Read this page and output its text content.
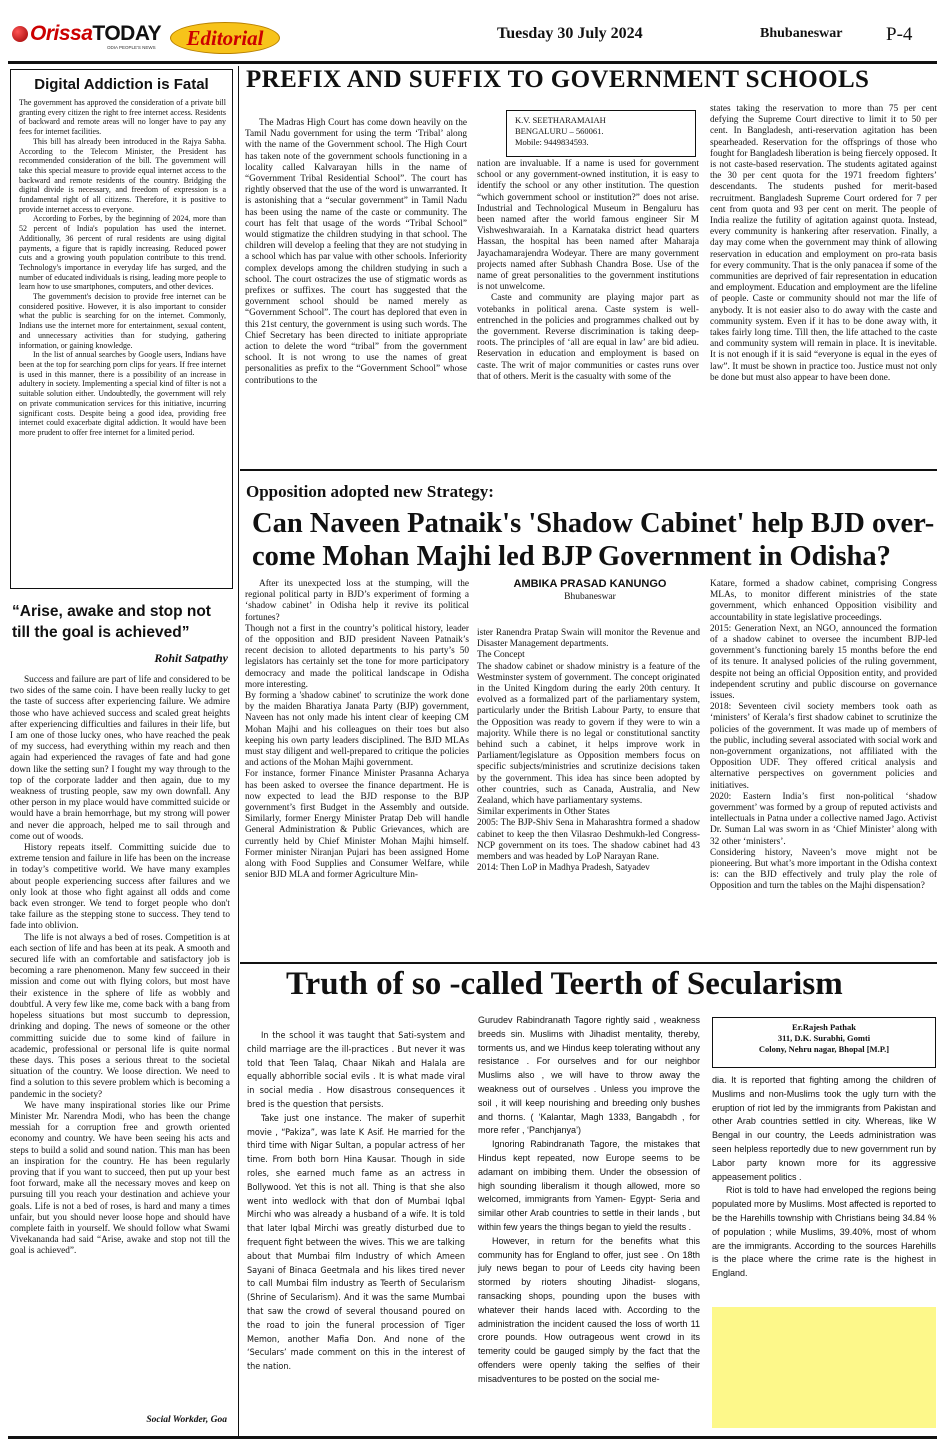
OrissaTODAY
ODIA PEOPLE'S NEWS Editorial	Tuesday 30 July 2024	Bhubaneswar P-4
Digital Addiction is Fatal

The government has approved the consideration of a private bill granting every citizen the right to free internet access. Residents of backward and remote areas will no longer have to pay any fees for internet facilities.

This bill has already been introduced in the Rajya Sabha. According to the Telecom Minister, the President has recommended consideration of the bill. The government will take this special measure to provide equal internet access to the backward and remote residents of the country. Bridging the digital divide is necessary, and freedom of expression is a fundamental right of all citizens. Therefore, it is positive to provide internet access to everyone.

According to Forbes, by the beginning of 2024, more than 52 percent of India's population has used the internet. Additionally, 36 percent of rural residents are using digital payments, a figure that is rapidly increasing. Reduced power cuts and a growing youth population contribute to this trend. Technology's importance in everyday life has surged, and the number of educated individuals is rising, leading more people to learn how to use smartphones, computers, and other devices.

The government's decision to provide free internet can be considered positive. However, it is also important to consider what the public is searching for on the internet. Commonly, Indians use the internet more for entertainment, sexual content, and unnecessary activities than for studying, gathering information, or gaining knowledge.

In the list of annual searches by Google users, Indians have been at the top for searching porn clips for years. If free internet is used in this manner, there is a possibility of an increase in adultery in society. Implementing a special kind of filter is not a suitable solution either. Undoubtedly, the government will rely on private communication services for this initiative, incurring significant costs. Despite being a good idea, providing free internet could exacerbate digital addiction. It would have been more prudent to offer free internet for a limited period.

“Arise, awake and stop not till the goal is achieved”
Rohit Satpathy

Success and failure are part of life and considered to be two sides of the same coin. I have been really lucky to get the taste of success after experiencing failure. We admire those who have achieved success and scaled great heights after experiencing difficulties and failures in their life, but I am one of those lucky ones, who have reached the peak of my success, had everything within my reach and then again had experienced the ravages of fate and had gone down like the setting sun? I fought my way through to the top of the corporate ladder and then again, due to my weakness of trusting people, saw my own downfall. Any other person in my place would have committed suicide or would have a brain hemorrhage, but my strong will power and never die approach, helped me to sail through and come out of woods.

History repeats itself. Committing suicide due to extreme tension and failure in life has been on the increase in today’s competitive world. We have many examples about people experiencing success after failures and we only look at those who fight against all odds and come back even stronger. We tend to forget people who don't take failure as the stepping stone to success. They tend to fade into oblivion.

The life is not always a bed of roses. Competition is at each section of life and has been at its peak. A smooth and secured life with an comfortable and satisfactory job is becoming a rare phenomenon. Many few succeed in their mission and come out with flying colors, but most have their existence in the sphere of life as wobbly and doubtful. A very few like me, come back with a bang from hopeless situations but most succumb to depression, drinking and doping. The news of someone or the other committing suicide due to some kind of failure in academic, professional or personal life is quite normal these days. This poses a serious threat to the societal situation of the country. We loose direction. We need to find a solution to this severe problem which is becoming a pandemic in the society?

We have many inspirational stories like our Prime Minister Mr. Narendra Modi, who has been the change messiah for a corruption free and growth oriented economy and country. We have been seeing his acts and steps to build a solid and sound nation. This man has been an inspiration for the country. He has been regularly proving that if you want to succeed, then put up your best foot forward, make all the necessary moves and keep on pursuing till you reach your destination and achieve your goals. Life is not a bed of roses, is hard and many a times unfair, but you should never loose hope and should have complete faith in yourself. We should follow what Swami Vivekananda had said “Arise, awake and stop not till the goal is achieved”.

Social Workder, Goa
PREFIX AND SUFFIX TO GOVERNMENT SCHOOLS
K.V. SEETHARAMAIAH
BENGALURU – 560061.
Mobile: 9449834593.

The Madras High Court has come down heavily on the Tamil Nadu government for using the term ‘Tribal’ along with the name of the Government school. The High Court has taken note of the government schools functioning in a locality called Kalvarayan hills in the name of “Government Tribal Residential School”. The court has rightly observed that the use of the word is unwarranted. It is astonishing that a “secular government” in Tamil Nadu has been using the name of the caste or community. The court has felt that usage of the words “Tribal School” would stigmatize the children studying in that school. The children will develop a feeling that they are not studying in a school which has par value with other schools. Inferiority complex develops among the children studying in such a school. The court ostracizes the use of stigmatic words as prefixes or suffixes. The court has suggested that the government school should be named merely as “Government School”. The court has deplored that even in this 21st century, the government is using such words. The Chief Secretary has been directed to initiate appropriate action to delete the word “tribal” from the government school. It is not wrong to use the names of great personalities as prefix to the “Government School” whose contributions to the

nation are invaluable. If a name is used for government school or any government-owned institution, it is easy to identify the school or any other institution. The question “which government school or institution?” does not arise. Industrial and Technological Museum in Bengaluru has been named after the world famous engineer Sir M Vishweshwaraiah. In a Karnataka district head quarters Hassan, the hospital has been named after Maharaja Jayachamarajendra Wodeyar. There are many government projects named after Subhash Chandra Bose. Use of the name of great personalities to the government institutions is not unwelcome.

Caste and community are playing major part as votebanks in political arena. Caste system is well-entrenched in the policies and programmes chalked out by the government. Reverse discrimination is taking deep-roots. The principles of ‘all are equal in law’ are bid adieu. Reservation in education and employment is based on caste. The writ of major communities or castes runs over that of others. Merit is the casualty with some of the

states taking the reservation to more than 75 per cent defying the Supreme Court directive to limit it to 50 per cent. In Bangladesh, anti-reservation agitation has been spearheaded. Reservation for the offsprings of those who fought for Bangladesh liberation is being fiercely opposed. It is not caste-based reservation. The students agitated against the 30 per cent quota for the 1971 freedom fighters’ descendants. The students pushed for merit-based recruitment. Bangladesh Supreme Court ordered for 7 per cent from quota and 93 per cent on merit. The people of India realize the futility of agitation against quota. Instead, every community is hankering after reservation. Finally, a day may come when the government may think of allowing reservation in education and employment on pro-rata basis for every community. That is the only panacea if some of the communities are deprived of fair representation in education and employment. Education and employment are the lifeline of people. Caste or community should not mar the life of anybody. It is not easier also to do away with the caste and community system. Even if it has to be done away with, it takes fairly long time. Till then, the life attached to the caste and community system will remain in place. It is inevitable. It is not enough if it is said “everyone is equal in the eyes of law”. It must be shown in practice too. Justice must not only be done but must also appear to have been done.

Opposition adopted new Strategy:
Can Naveen Patnaik's 'Shadow Cabinet' help BJD over-
come Mohan Majhi led BJP Government in Odisha?
AMBIKA PRASAD KANUNGO
Bhubaneswar

After its unexpected loss at the stumping, will the regional political party in BJD’s experiment of forming a ‘shadow cabinet’ in Odisha help it revive its political fortunes?

Though not a first in the country’s political history, leader of the opposition and BJD president Naveen Patnaik’s recent decision to alloted departments to his party’s 50 legislators has certainly set the tone for more participatory democracy and made the political landscape in Odisha more interesting.

By forming a 'shadow cabinet' to scrutinize the work done by the maiden Bharatiya Janata Party (BJP) government, Naveen has not only made his intent clear of keeping CM Mohan Majhi and his colleagues on their toes but also keeping his own party leaders disciplined. The BJD MLAs must stay diligent and well-prepared to critique the policies and actions of the Mohan Majhi government.

For instance, former Finance Minister Prasanna Acharya has been asked to oversee the finance department. He is now expected to lead the BJD response to the BJP government’s first Budget in the Assembly and outside. Similarly, former Energy Minister Pratap Deb will handle General Administration & Public Grievances, which are currently held by Chief Minister Mohan Majhi himself. Former minister Niranjan Pujari has been assigned Home along with Food Supplies and Consumer Welfare, while senior BJD MLA and former Agriculture Min-

ister Ranendra Pratap Swain will monitor the Revenue and Disaster Management departments.

The Concept

The shadow cabinet or shadow ministry is a feature of the Westminster system of government. The concept originated in the United Kingdom during the early 20th century. It evolved as a formalized part of the parliamentary system, particularly under the British Labour Party, to ensure that the Opposition was ready to govern if they were to win a majority. While there is no legal or constitutional sanctity behind such a cabinet, it helps improve work in Parliament/legislature as Opposition members focus on specific subjects/ministries and scrutinize decisions taken by the government. This idea has since been adopted by other countries, such as Canada, Australia, and New Zealand, which have parliamentary systems.

Similar experiments in Other States

2005: The BJP-Shiv Sena in Maharashtra formed a shadow cabinet to keep the then Vilasrao Deshmukh-led Congress-NCP government on its toes. The shadow cabinet had 43 members and was headed by LoP Narayan Rane.

2014: Then LoP in Madhya Pradesh, Satyadev

Katare, formed a shadow cabinet, comprising Congress MLAs, to monitor different ministries of the state government, which enhanced Opposition visibility and accountability in state legislative proceedings.

2015: Generation Next, an NGO, announced the formation of a shadow cabinet to oversee the incumbent BJP-led government’s functioning barely 15 months before the end of its tenure. It analysed policies of the ruling government, despite not being an official Opposition entity, and provided independent scrutiny and public discourse on governance issues.

2018: Seventeen civil society members took oath as ‘ministers’ of Kerala’s first shadow cabinet to scrutinize the policies of the government. It was made up of members of the public, including several associated with social work and non-government organizations, not affiliated with the Opposition UDF. They offered critical analysis and alternative perspectives on government policies and initiatives.

2020: Eastern India’s first non-political ‘shadow government’ was formed by a group of reputed activists and intellectuals in Patna under a collective named Jago. Activist Dr. Suman Lal was sworn in as ‘Chief Minister’ along with 32 other ‘ministers’.

Considering history, Naveen’s move might not be pioneering. But what’s more important in the Odisha context is: can the BJD effectively and truly play the role of Opposition and turn the tables on the Majhi dispensation?

Truth of so -called Teerth of Secularism
Er.Rajesh Pathak
311, D.K. Surabhi, Gomti
Colony, Nehru nagar, Bhopal [M.P.]

In the school it was taught that Sati-system and child marriage are the ill-practices . But never it was told that Teen Talaq, Chaar Nikah and Halala are equally abhorrible social evils . It is what made viral in social media . How disastrous consequences it bred is the question that persists.

Take just one instance. The maker of superhit movie , “Pakiza”, was late K Asif. He married for the third time with Nigar Sultan, a popular actress of her time. From both born Hina Kausar. Though in side roles, she earned much fame as an actress in Bollywood. Yet this is not all. Thing is that she also went into wedlock with that don of Mumbai Iqbal Mirchi who was already a husband of a wife. It is told that later Iqbal Mirchi was greatly disturbed due to frequent fight between the wives. This we are talking about that Mumbai film Industry of which Ameen Sayani of Binaca Geetmala and his likes tired never to call Mumbai film industry as Teerth of Secularism (Shrine of Secularism). And it was the same Mumbai that saw the crowd of several thousand poured on the road to join the funeral procession of Tiger Memon, another Mafia Don. And none of the ‘Seculars’ made comment on this in the interest of the nation.

Gurudev Rabindranath Tagore rightly said , weakness breeds sin. Muslims with Jihadist mentality, thereby, torments us, and we Hindus keep tolerating without any resistance . For ourselves and for our neighbor Muslims also , we will have to throw away the weakness out of ourselves . Unless you improve the soil , it will keep nourishing and breeding only bushes and thorns. ( ‘Kalantar, Magh 1333, Bangabdh , for more refer , ‘Panchjanya’)

Ignoring Rabindranath Tagore, the mistakes that Hindus kept repeated, now Europe seems to be adamant on imbibing them. Under the obsession of high sounding liberalism it though allowed, more so welcomed, immigrants from Yamen- Egypt- Seria and similar other Arab countries to settle in their lands , but within few years the things began to yield the results .

However, in return for the benefits what this community has for England to offer, just see . On 18th july news began to pour of Leeds city having been stormed by rioters shouting Jihadist- slogans, ransacking shops, pounding upon the buses with whatever their hands laced with. According to the administration the incident caused the loss of worth 11 crore pounds. How outrageous went crowd in its temerity could be gauged simply by the fact that the offenders were openly taking the selfies of their misadventures to be posted on the social me-

dia. It is reported that fighting among the children of Muslims and non-Muslims took the ugly turn with the eruption of riot led by the immigrants from Pakistan and other Arab countries settled in city. Whereas, like W Bengal in our country, the Leeds administration was seen helpless reportedly due to new government run by Labor party known more for its aggressive appeasement politics .

Riot is told to have had enveloped the regions being populated more by Muslims. Most affected is reported to be the Harehills township with Christians being 34.84 % of population ; while Muslims, 39.40%, most of whom are the immigrants. According to the sources Harehills is the place where the crime rate is the highest in England.
